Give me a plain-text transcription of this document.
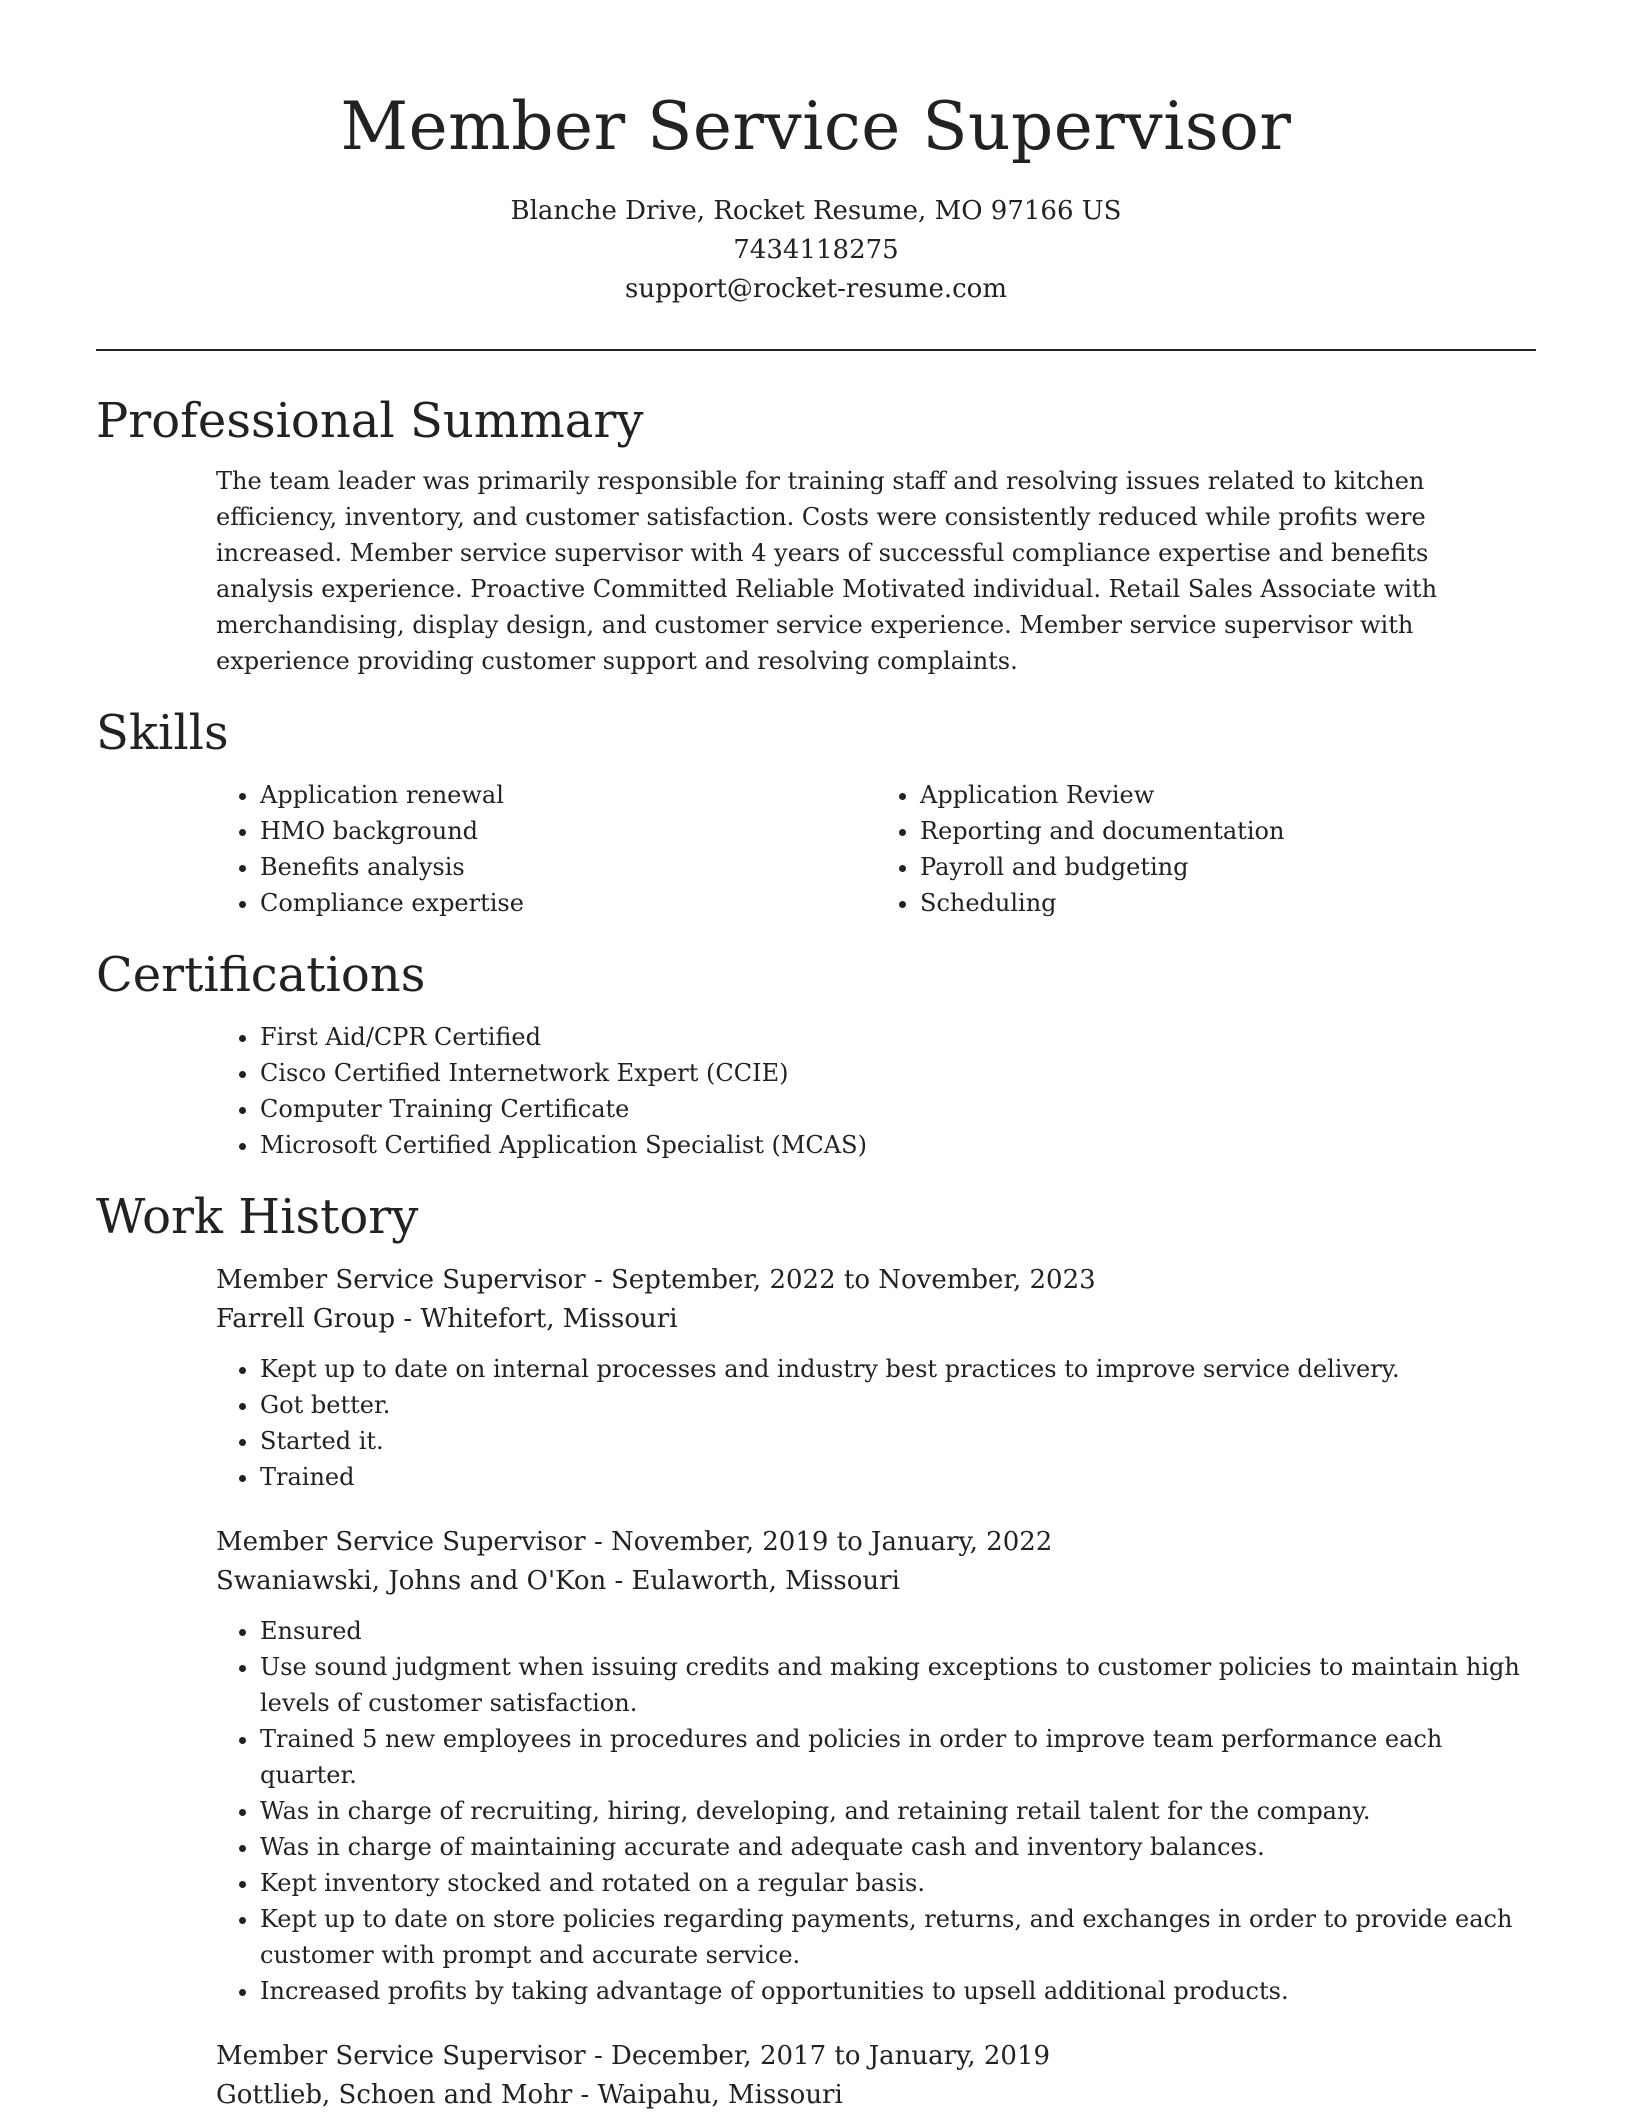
Member Service Supervisor
Blanche Drive, Rocket Resume, MO 97166 US
7434118275
support@rocket-resume.com
Professional Summary
The team leader was primarily responsible for training staff and resolving issues related to kitchen efficiency, inventory, and customer satisfaction. Costs were consistently reduced while profits were increased. Member service supervisor with 4 years of successful compliance expertise and benefits analysis experience. Proactive Committed Reliable Motivated individual. Retail Sales Associate with merchandising, display design, and customer service experience. Member service supervisor with experience providing customer support and resolving complaints.
Skills
• Application renewal
• HMO background
• Benefits analysis
• Compliance expertise
• Application Review
• Reporting and documentation
• Payroll and budgeting
• Scheduling
Certifications
• First Aid/CPR Certified
• Cisco Certified Internetwork Expert (CCIE)
• Computer Training Certificate
• Microsoft Certified Application Specialist (MCAS)
Work History
Member Service Supervisor - September, 2022 to November, 2023
Farrell Group - Whitefort, Missouri
• Kept up to date on internal processes and industry best practices to improve service delivery.
• Got better.
• Started it.
• Trained
Member Service Supervisor - November, 2019 to January, 2022
Swaniawski, Johns and O'Kon - Eulaworth, Missouri
• Ensured
• Use sound judgment when issuing credits and making exceptions to customer policies to maintain high levels of customer satisfaction.
• Trained 5 new employees in procedures and policies in order to improve team performance each quarter.
• Was in charge of recruiting, hiring, developing, and retaining retail talent for the company.
• Was in charge of maintaining accurate and adequate cash and inventory balances.
• Kept inventory stocked and rotated on a regular basis.
• Kept up to date on store policies regarding payments, returns, and exchanges in order to provide each customer with prompt and accurate service.
• Increased profits by taking advantage of opportunities to upsell additional products.
Member Service Supervisor - December, 2017 to January, 2019
Gottlieb, Schoen and Mohr - Waipahu, Missouri
